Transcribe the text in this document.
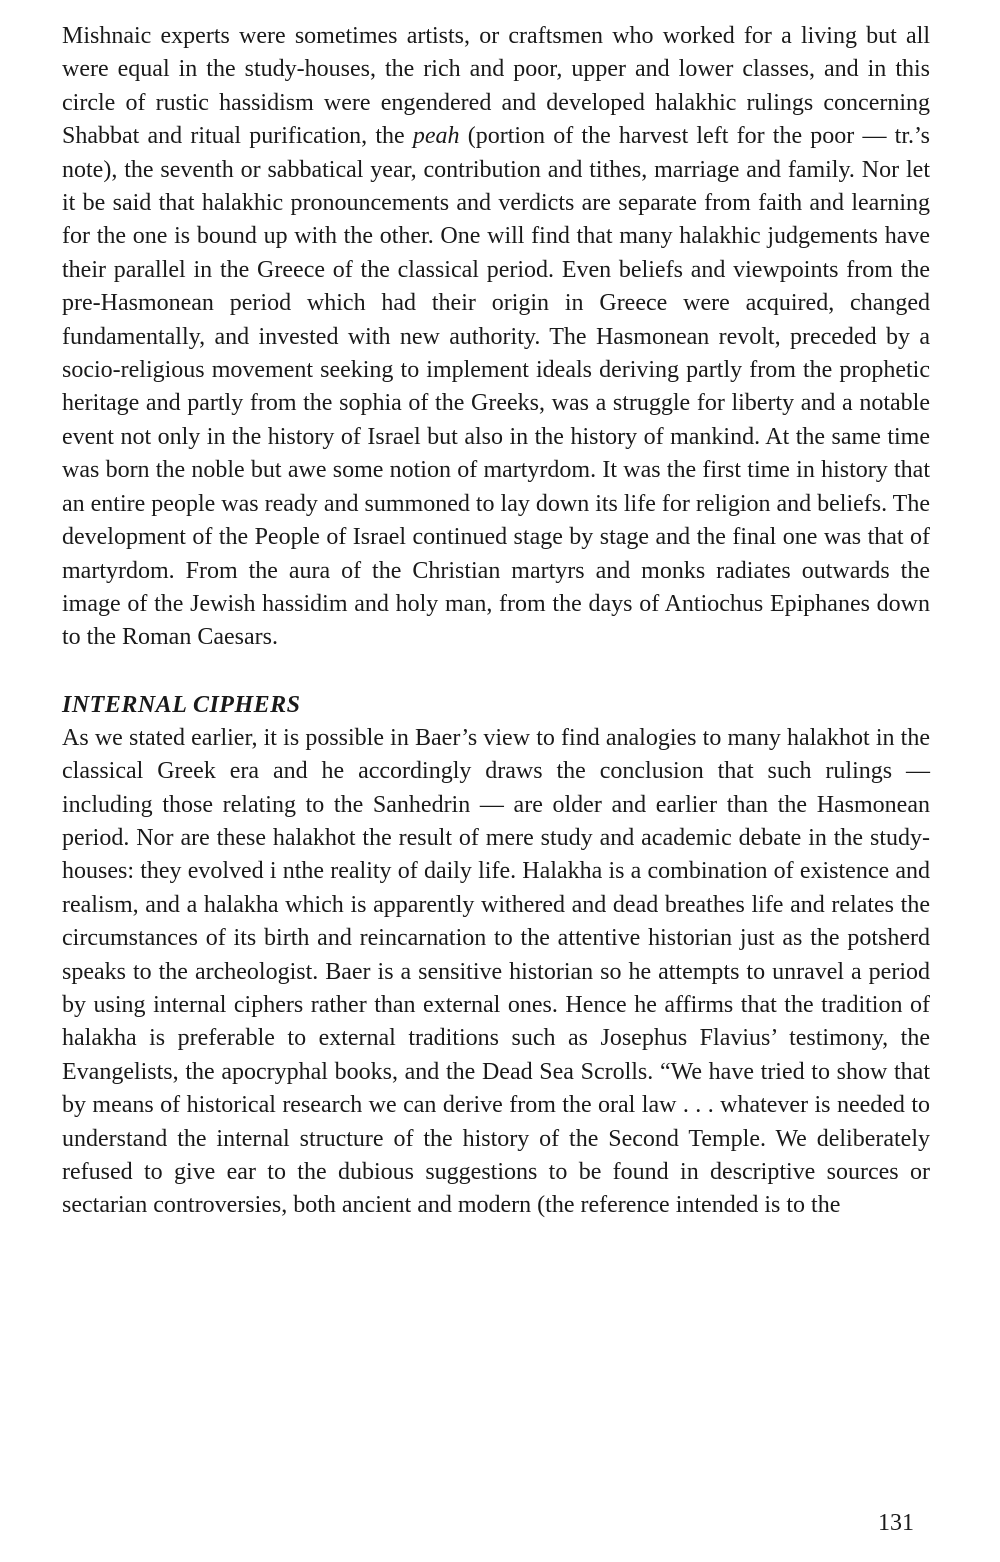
Mishnaic experts were sometimes artists, or craftsmen who worked for a living but all were equal in the study-houses, the rich and poor, upper and lower classes, and in this circle of rustic hassidism were engendered and developed halakhic rulings concerning Shabbat and ritual purification, the peah (portion of the harvest left for the poor — tr.’s note), the seventh or sabbatical year, contribution and tithes, marriage and family. Nor let it be said that halakhic pronouncements and verdicts are separate from faith and learning for the one is bound up with the other. One will find that many halakhic judgements have their parallel in the Greece of the classical period. Even beliefs and viewpoints from the pre-Hasmonean period which had their origin in Greece were acquired, changed fundamentally, and invested with new authority. The Hasmonean revolt, preceded by a socio-religious movement seeking to implement ideals deriving partly from the prophetic heritage and partly from the sophia of the Greeks, was a struggle for liberty and a notable event not only in the history of Israel but also in the history of mankind. At the same time was born the noble but awe some notion of martyrdom. It was the first time in history that an entire people was ready and summoned to lay down its life for religion and beliefs. The development of the People of Israel continued stage by stage and the final one was that of martyrdom. From the aura of the Christian martyrs and monks radiates outwards the image of the Jewish hassidim and holy man, from the days of Antiochus Epiphanes down to the Roman Caesars.

INTERNAL CIPHERS

As we stated earlier, it is possible in Baer’s view to find analogies to many halakhot in the classical Greek era and he accordingly draws the conclusion that such rulings — including those relating to the Sanhedrin — are older and earlier than the Hasmonean period. Nor are these halakhot the result of mere study and academic debate in the study-houses: they evolved i nthe reality of daily life. Halakha is a combination of existence and realism, and a halakha which is apparently withered and dead breathes life and relates the circumstances of its birth and reincarnation to the attentive historian just as the potsherd speaks to the archeologist. Baer is a sensitive historian so he attempts to unravel a period by using internal ciphers rather than external ones. Hence he affirms that the tradition of halakha is preferable to external traditions such as Josephus Flavius’ testimony, the Evangelists, the apocryphal books, and the Dead Sea Scrolls. “We have tried to show that by means of historical research we can derive from the oral law . . . whatever is needed to understand the internal structure of the history of the Second Temple. We deliberately refused to give ear to the dubious suggestions to be found in descriptive sources or sectarian controversies, both ancient and modern (the reference intended is to the

131
